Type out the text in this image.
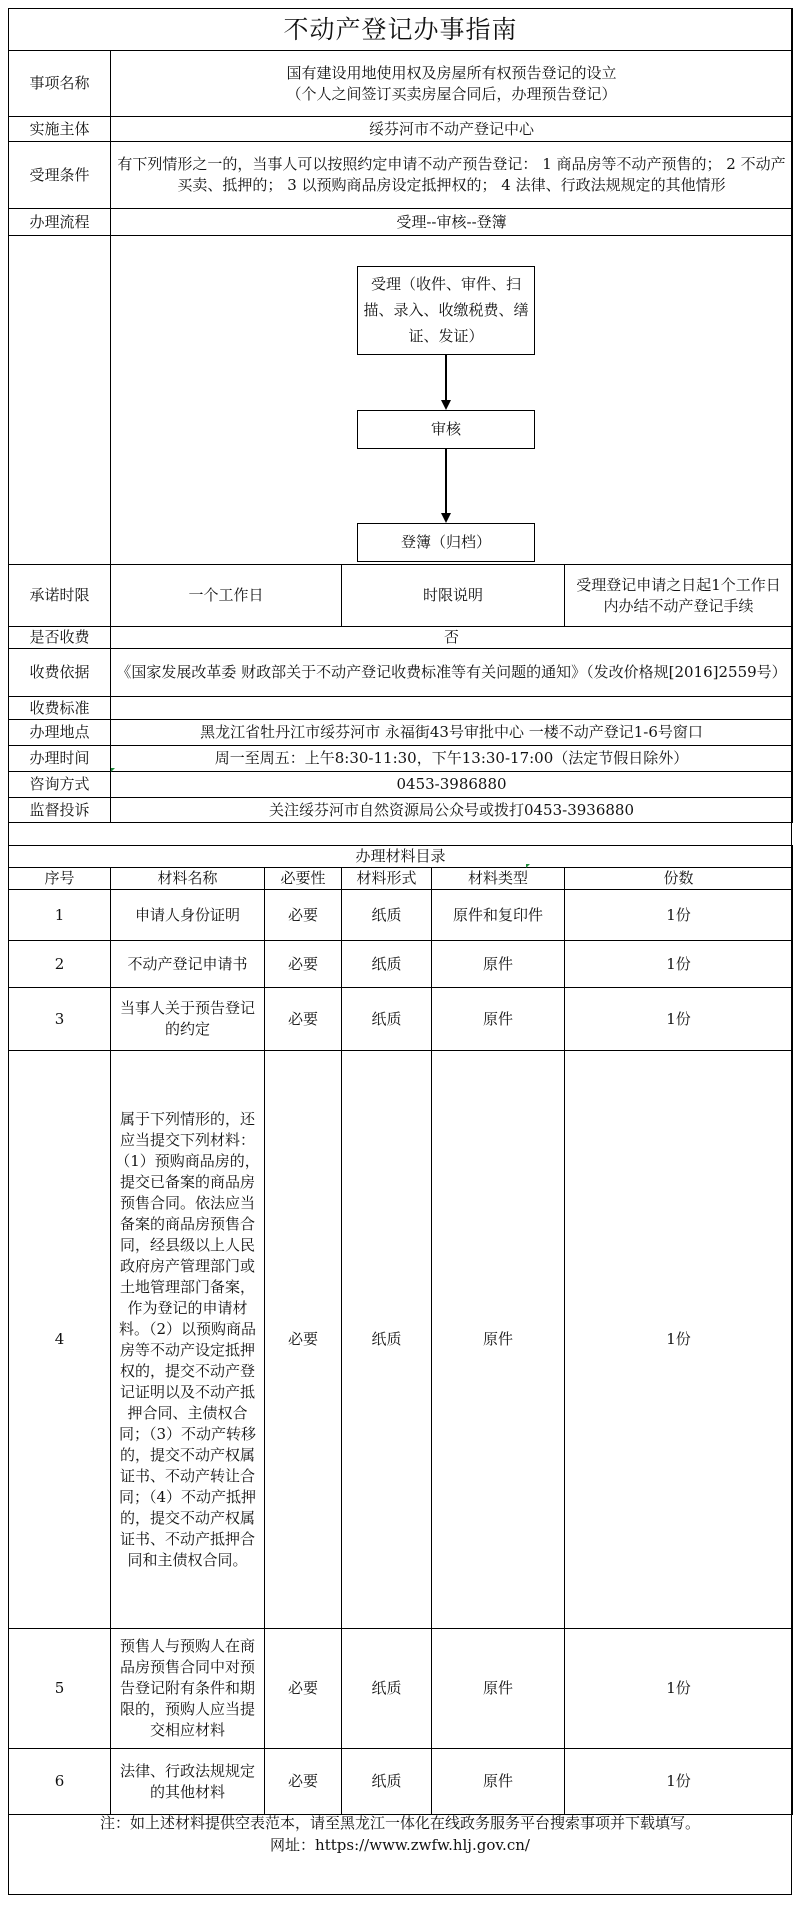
不动产登记办事指南			
事项名称	国有建设用地使用权及房屋所有权预告登记的设立
（个人之间签订买卖房屋合同后，办理预告登记）		

实施主体	绥芬河市不动产登记中心		
受理条件	有下列情形之一的，当事人可以按照约定申请不动产预告登记： 1 商品房等不动产预售的； 2 不动产买卖、抵押的； 3 以预购商品房设定抵押权的； 4 法律、行政法规规定的其他情形		
办理流程	受理--审核--登簿		

承诺时限	一个工作日	时限说明	受理登记申请之日起1个工作日内办结不动产登记手续
是否收费	否		
收费依据	《国家发展改革委 财政部关于不动产登记收费标准等有关问题的通知》（发改价格规[2016]2559号）		
收费标准			
办理地点	黑龙江省牡丹江市绥芬河市 永福街43号审批中心 一楼不动产登记1-6号窗口		
办理时间	周一至周五：上午8:30-11:30，下午13:30-17:00（法定节假日除外）		
咨询方式	0453-3986880		
监督投诉	关注绥芬河市自然资源局公众号或拨打0453-3936880		
受理（收件、审件、扫描、录入、收缴税费、缮证、发证）
审核
登簿（归档）
办理材料目录					
序号	材料名称	必要性	材料形式	材料类型	份数
1	申请人身份证明	必要	纸质	原件和复印件	1份
2	不动产登记申请书	必要	纸质	原件	1份
3	当事人关于预告登记的约定	必要	纸质	原件	1份
4	属于下列情形的，还应当提交下列材料：（1）预购商品房的，提交已备案的商品房预售合同。依法应当备案的商品房预售合同，经县级以上人民政府房产管理部门或土地管理部门备案，作为登记的申请材料。（2）以预购商品房等不动产设定抵押权的，提交不动产登记证明以及不动产抵押合同、主债权合同；（3）不动产转移的，提交不动产权属证书、不动产转让合同；（4）不动产抵押的，提交不动产权属证书、不动产抵押合同和主债权合同。	必要	纸质	原件	1份
5	预售人与预购人在商品房预售合同中对预告登记附有条件和期限的，预购人应当提交相应材料	必要	纸质	原件	1份
6	法律、行政法规规定的其他材料	必要	纸质	原件	1份
注：如上述材料提供空表范本，请至黑龙江一体化在线政务服务平台搜索事项并下载填写。
网址：https://www.zwfw.hlj.gov.cn/
